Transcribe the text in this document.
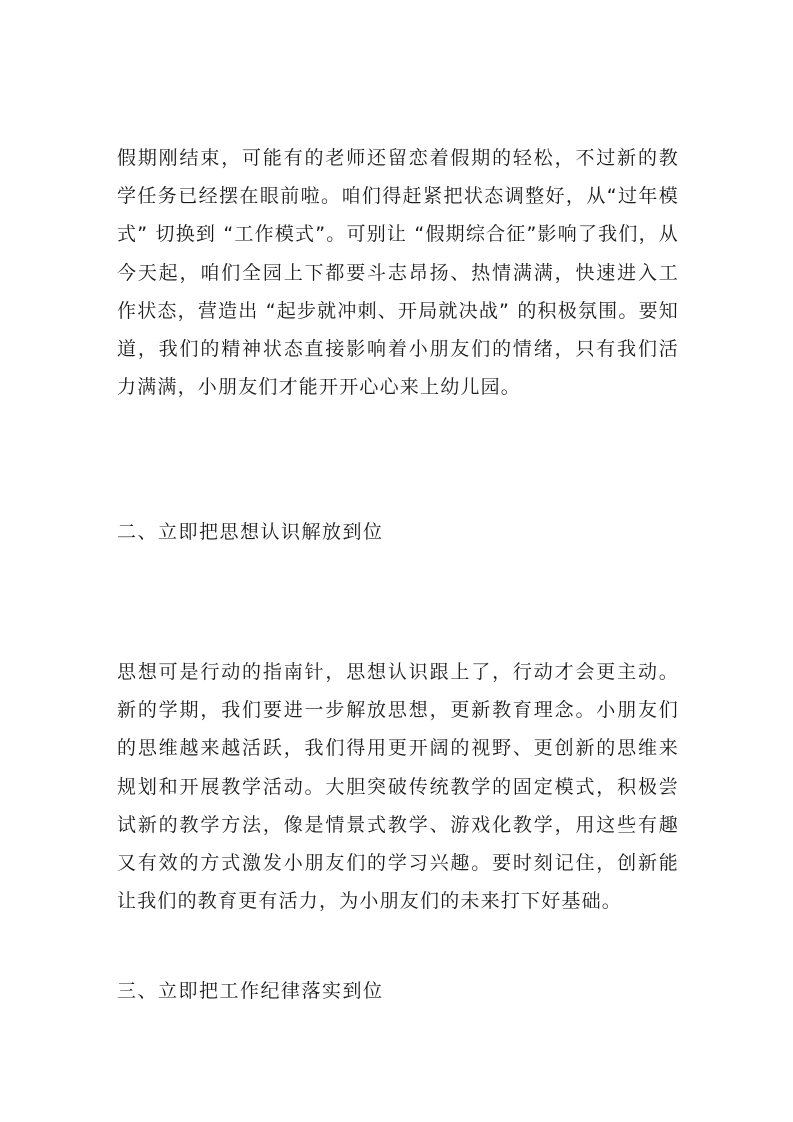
假期刚结束，可能有的老师还留恋着假期的轻松，不过新的教学任务已经摆在眼前啦。咱们得赶紧把状态调整好，从“过年模式” 切换到 “工作模式”。可别让 “假期综合征”影响了我们，从今天起，咱们全园上下都要斗志昂扬、热情满满，快速进入工作状态，营造出 “起步就冲刺、开局就决战” 的积极氛围。要知道，我们的精神状态直接影响着小朋友们的情绪，只有我们活力满满，小朋友们才能开开心心来上幼儿园。

二、立即把思想认识解放到位

思想可是行动的指南针，思想认识跟上了，行动才会更主动。新的学期，我们要进一步解放思想，更新教育理念。小朋友们的思维越来越活跃，我们得用更开阔的视野、更创新的思维来规划和开展教学活动。大胆突破传统教学的固定模式，积极尝试新的教学方法，像是情景式教学、游戏化教学，用这些有趣又有效的方式激发小朋友们的学习兴趣。要时刻记住，创新能让我们的教育更有活力，为小朋友们的未来打下好基础。

三、立即把工作纪律落实到位
